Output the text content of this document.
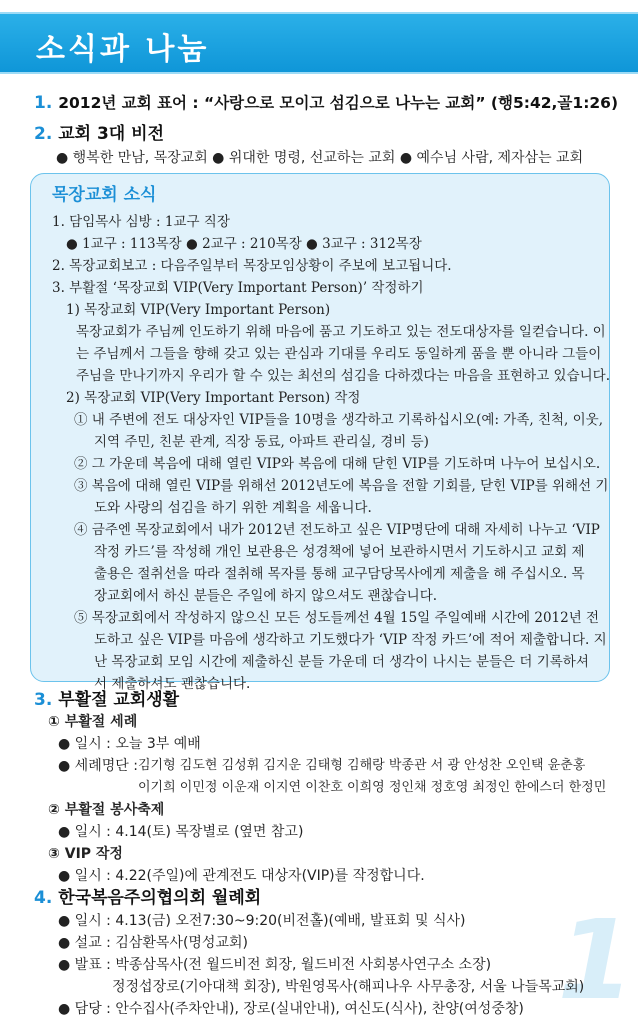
소식과 나눔
1
1. 2012년 교회 표어 : “사랑으로 모이고 섬김으로 나누는 교회” (행5:42,골1:26)
2. 교회 3대 비전
● 행복한 만남, 목장교회 ● 위대한 명령, 선교하는 교회 ● 예수님 사람, 제자삼는 교회
목장교회 소식
1. 담임목사 심방 : 1교구 직장
● 1교구 : 113목장 ● 2교구 : 210목장 ● 3교구 : 312목장
2. 목장교회보고 : 다음주일부터 목장모임상황이 주보에 보고됩니다.
3. 부활절 ‘목장교회 VIP(Very Important Person)’ 작정하기
1) 목장교회 VIP(Very Important Person)
목장교회가 주님께 인도하기 위해 마음에 품고 기도하고 있는 전도대상자를 일컫습니다. 이
는 주님께서 그들을 향해 갖고 있는 관심과 기대를 우리도 동일하게 품을 뿐 아니라 그들이
주님을 만나기까지 우리가 할 수 있는 최선의 섬김을 다하겠다는 마음을 표현하고 있습니다.
2) 목장교회 VIP(Very Important Person) 작정
① 내 주변에 전도 대상자인 VIP들을 10명을 생각하고 기록하십시오(예: 가족, 친척, 이웃,
지역 주민, 친분 관계, 직장 동료, 아파트 관리실, 경비 등)
② 그 가운데 복음에 대해 열린 VIP와 복음에 대해 닫힌 VIP를 기도하며 나누어 보십시오.
③ 복음에 대해 열린 VIP를 위해선 2012년도에 복음을 전할 기회를, 닫힌 VIP를 위해선 기
도와 사랑의 섬김을 하기 위한 계획을 세웁니다.
④ 금주엔 목장교회에서 내가 2012년 전도하고 싶은 VIP명단에 대해 자세히 나누고 ‘VIP
작정 카드’를 작성해 개인 보관용은 성경책에 넣어 보관하시면서 기도하시고 교회 제
출용은 절취선을 따라 절취해 목자를 통해 교구담당목사에게 제출을 해 주십시오. 목
장교회에서 하신 분들은 주일에 하지 않으셔도 괜찮습니다.
⑤ 목장교회에서 작성하지 않으신 모든 성도들께선 4월 15일 주일예배 시간에 2012년 전
도하고 싶은 VIP를 마음에 생각하고 기도했다가 ‘VIP 작정 카드’에 적어 제출합니다. 지
난 목장교회 모임 시간에 제출하신 분들 가운데 더 생각이 나시는 분들은 더 기록하셔
서 제출하셔도 괜찮습니다.
3. 부활절 교회생활
① 부활절 세례
● 일시 : 오늘 3부 예배
● 세례명단 : 김기형 김도현 김성휘 김지운 김태형 김해랑 박종관 서 광 안성찬 오인택 윤춘홍
이기희 이민정 이운재 이지연 이찬호 이희영 정인채 정호영 최정인 한에스더 한정민
② 부활절 봉사축제
● 일시 : 4.14(토) 목장별로 (옆면 참고)
③ VIP 작정
● 일시 : 4.22(주일)에 관계전도 대상자(VIP)를 작정합니다.
4. 한국복음주의협의회 월례회
● 일시 : 4.13(금) 오전7:30~9:20(비전홀)(예배, 발표회 및 식사)
● 설교 : 김삼환목사(명성교회)
● 발표 : 박종삼목사(전 월드비전 회장, 월드비전 사회봉사연구소 소장)
정정섭장로(기아대책 회장), 박원영목사(해피나우 사무총장, 서울 나들목교회)
● 담당 : 안수집사(주차안내), 장로(실내안내), 여신도(식사), 찬양(여성중창)
